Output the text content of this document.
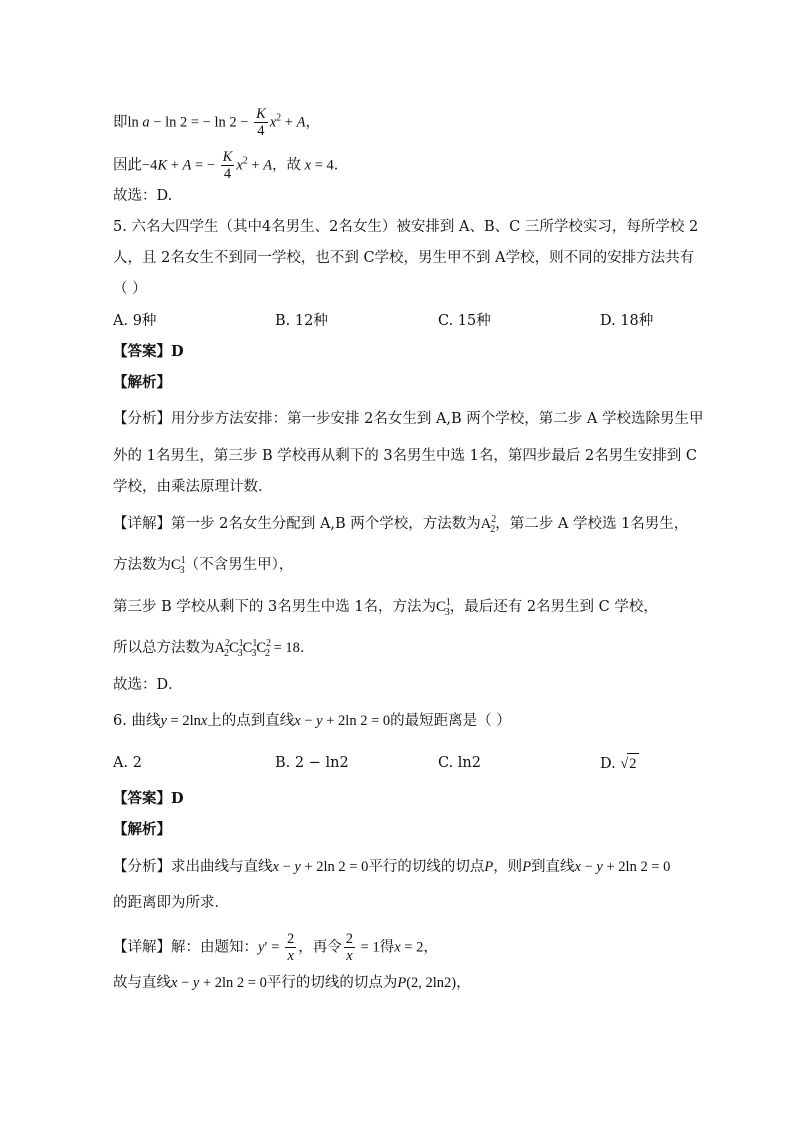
即ln a − ln 2 = − $\ln 2 - \frac{K}{4} x^2 + A$，
因此−4K + A = − $\frac{K}{4} x^2 + A$，故 x = 4．
故选：D.
5. 六名大四学生（其中4名男生、2名女生）被安排到 A、B、C 三所学校实习，每所学校 2
人，且 2名女生不到同一学校，也不到 C学校，男生甲不到 A学校，则不同的安排方法共有
（ ）
A. 9种	B. 12种	C. 15种	D. 18种
【答案】D
【解析】
【分析】用分步方法安排：第一步安排 2名女生到 A,B 两个学校，第二步 A 学校选除男生甲
外的 1名男生，第三步 B 学校再从剩下的 3名男生中选 1名，第四步最后 2名男生安排到 C
学校，由乘法原理计数．
【详解】第一步 2名女生分配到 A,B 两个学校，方法数为$A^2_2$，第二步 A 学校选 1名男生，
方法数为$C^1_3$（不含男生甲），
第三步 B 学校从剩下的 3名男生中选 1名，方法为$C^1_3$，最后还有 2名男生到 C 学校，
所以总方法数为$A^2_2C^1_3C^1_3C^2_2 = 18$．
故选：D．
6. 曲线y = 2lnx上的点到直线x − y + 2ln 2 = 0的最短距离是（ ）
A. 2	B. 2 − ln2	C. ln2	D. √2
【答案】D
【解析】
【分析】求出曲线与直线x − y + 2ln 2 = 0平行的切线的切点P，则P到直线x − y + 2ln 2 = 0
的距离即为所求．
【详解】解：由题知：$y' = \frac{2}{x}$ ，再令 $\frac{2}{x} = 1$得x = 2，
故与直线x − y + 2ln 2 = 0平行的切线的切点为P(2, 2ln2)，
